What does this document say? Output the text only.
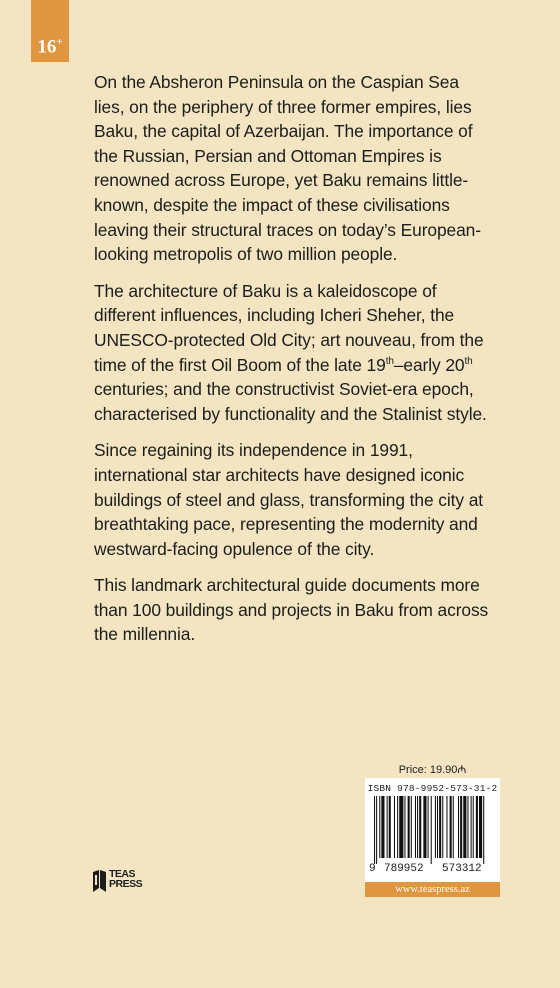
16+

On the Absheron Peninsula on the Caspian Sea lies, on the periphery of three former empires, lies Baku, the capital of Azerbaijan. The importance of the Russian, Persian and Ottoman Empires is renowned across Europe, yet Baku remains little-known, despite the impact of these civilisations leaving their structural traces on today’s European-looking metropolis of two million people.

The architecture of Baku is a kaleidoscope of different influences, including Icheri Sheher, the UNESCO-protected Old City; art nouveau, from the time of the first Oil Boom of the late 19th–early 20th centuries; and the constructivist Soviet-era epoch, characterised by functionality and the Stalinist style.

Since regaining its independence in 1991, international star architects have designed iconic buildings of steel and glass, transforming the city at breathtaking pace, representing the modernity and westward-facing opulence of the city.

This landmark architectural guide documents more than 100 buildings and projects in Baku from across the millennia.

Price: 19.90₼
ISBN 978-9952-573-31-2
9 789952 573312
www.teaspress.az
TEAS
PRESS
